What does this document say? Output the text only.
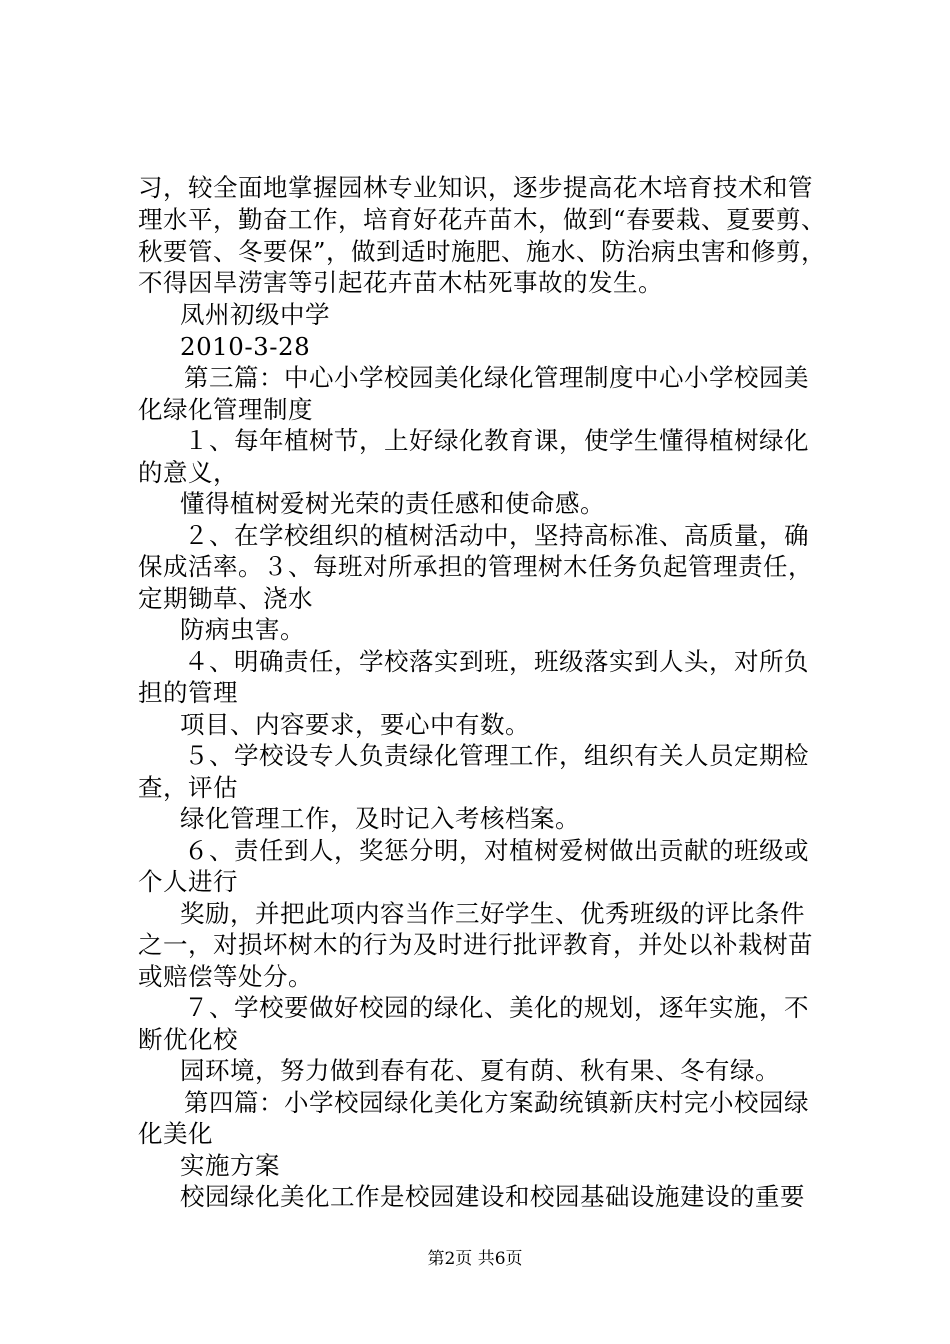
习，较全面地掌握园林专业知识，逐步提高花木培育技术和管
理水平，勤奋工作，培育好花卉苗木，做到“春要栽、夏要剪、
秋要管、冬要保”，做到适时施肥、施水、防治病虫害和修剪，
不得因旱涝害等引起花卉苗木枯死事故的发生。
凤州初级中学
2010-3-28
第三篇：中心小学校园美化绿化管理制度中心小学校园美
化绿化管理制度
１、每年植树节，上好绿化教育课，使学生懂得植树绿化
的意义，
懂得植树爱树光荣的责任感和使命感。
２、在学校组织的植树活动中，坚持高标准、高质量，确
保成活率。３、每班对所承担的管理树木任务负起管理责任，
定期锄草、浇水
防病虫害。
４、明确责任，学校落实到班，班级落实到人头，对所负
担的管理
项目、内容要求，要心中有数。
５、学校设专人负责绿化管理工作，组织有关人员定期检
查，评估
绿化管理工作，及时记入考核档案。
６、责任到人，奖惩分明，对植树爱树做出贡献的班级或
个人进行
奖励，并把此项内容当作三好学生、优秀班级的评比条件
之一，对损坏树木的行为及时进行批评教育，并处以补栽树苗
或赔偿等处分。
７、学校要做好校园的绿化、美化的规划，逐年实施，不
断优化校
园环境，努力做到春有花、夏有荫、秋有果、冬有绿。
第四篇：小学校园绿化美化方案勐统镇新庆村完小校园绿
化美化
实施方案
校园绿化美化工作是校园建设和校园基础设施建设的重要
第2页 共6页
